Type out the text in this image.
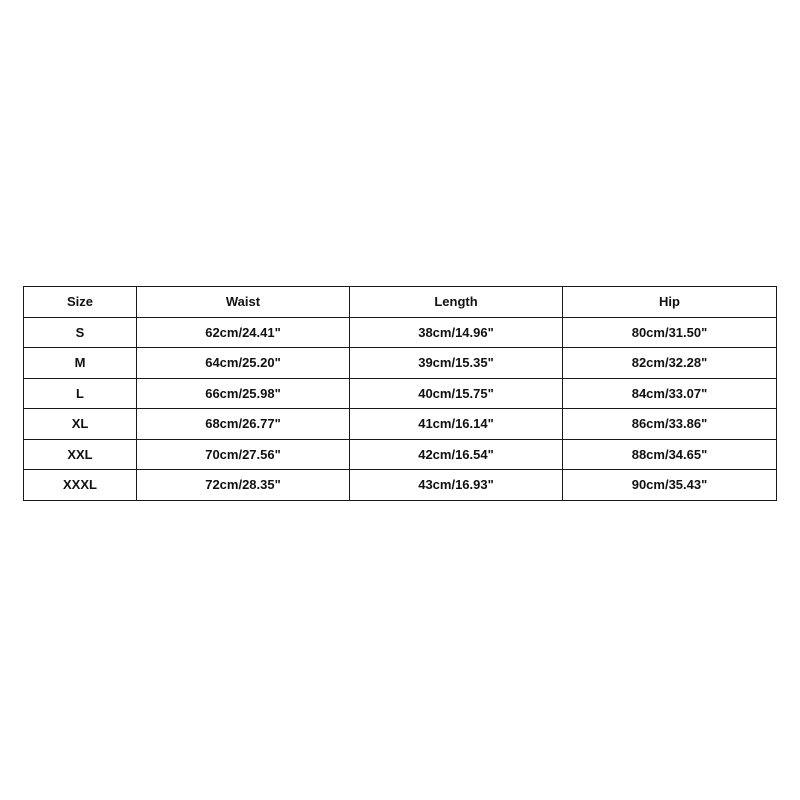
Size	Waist	Length	Hip
S	62cm/24.41"	38cm/14.96"	80cm/31.50"
M	64cm/25.20"	39cm/15.35"	82cm/32.28"
L	66cm/25.98"	40cm/15.75"	84cm/33.07"
XL	68cm/26.77"	41cm/16.14"	86cm/33.86"
XXL	70cm/27.56"	42cm/16.54"	88cm/34.65"
XXXL	72cm/28.35"	43cm/16.93"	90cm/35.43"
